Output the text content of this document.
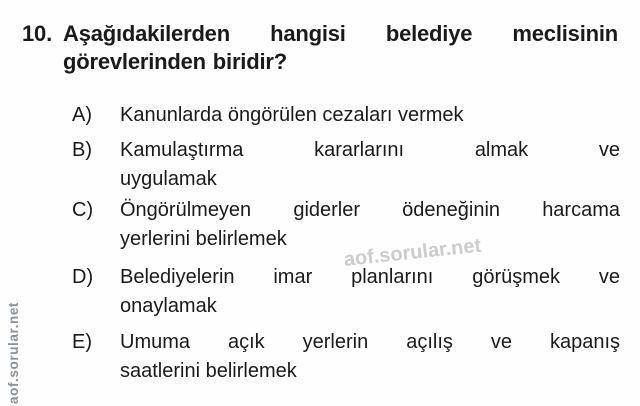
10. Aşağıdakilerden hangisi belediye meclisinin
görevlerinden biridir?
A)	Kanunlarda öngörülen cezaları vermek
B)	Kamulaştırma kararlarını almak ve
uygulamak
C)	Öngörülmeyen giderler ödeneğinin harcama
yerlerini belirlemek
D)	Belediyelerin imar planlarını görüşmek ve
onaylamak
E)	Umuma açık yerlerin açılış ve kapanış
saatlerini belirlemek
aof.sorular.net
aof.sorular.net
